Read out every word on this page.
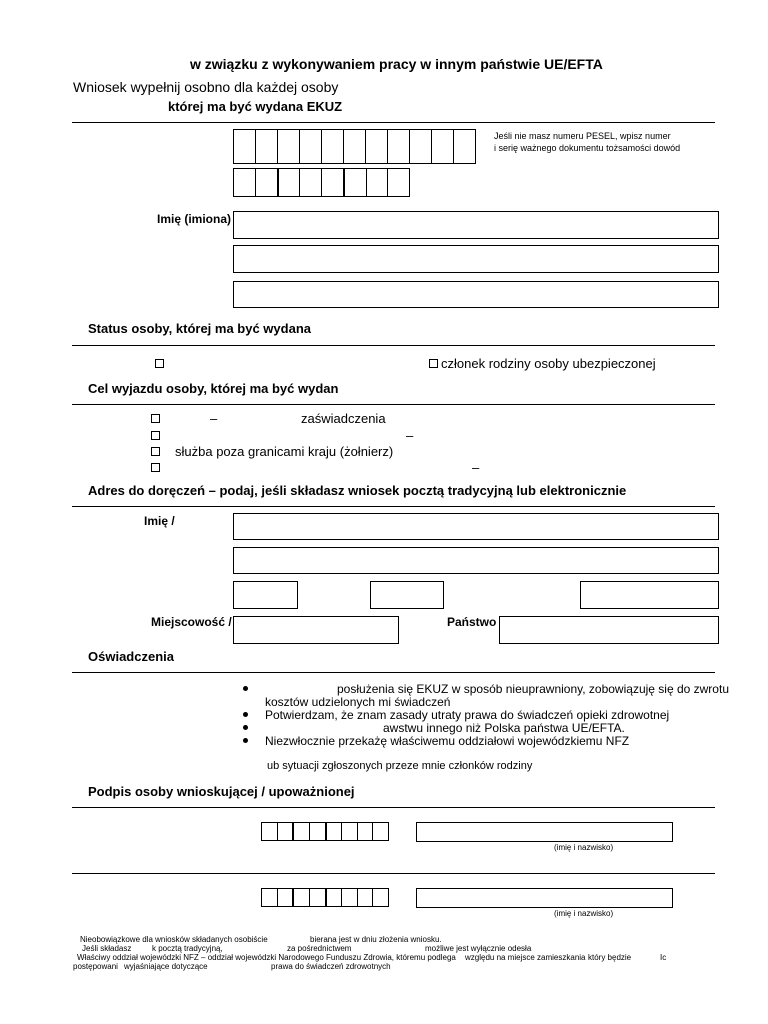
w związku z wykonywaniem pracy w innym państwie UE/EFTA
Wniosek wypełnij osobno dla każdej osoby
której ma być wydana EKUZ
Jeśli nie masz numeru PESEL, wpisz numer
i serię ważnego dokumentu tożsamości dowód
Imię (imiona)
Status osoby, której ma być wydana
członek rodziny osoby ubezpieczonej
Cel wyjazdu osoby, której ma być wydan
–	zaświadczenia
–
służba poza granicami kraju (żołnierz)
–
Adres do doręczeń – podaj, jeśli składasz wniosek pocztą tradycyjną lub elektronicznie
Imię /
Miejscowość /	Państwo
Oświadczenia
posłużenia się EKUZ w sposób nieuprawniony, zobowiązuję się do zwrotu
kosztów udzielonych mi świadczeń
Potwierdzam, że znam zasady utraty prawa do świadczeń opieki zdrowotnej
awstwu innego niż Polska państwa UE/EFTA.
Niezwłocznie przekażę właściwemu oddziałowi wojewódzkiemu NFZ
ub sytuacji zgłoszonych przeze mnie członków rodziny
Podpis osoby wnioskującej / upoważnionej
(imię i nazwisko)
(imię i nazwisko)
Nieobowiązkowe dla wniosków składanych osobiście	bierana jest w dniu złożenia wniosku.
Jeśli składasz	k pocztą tradycyjną,	za pośrednictwem	możliwe jest wyłącznie odesła
Właściwy oddział wojewódzki NFZ – oddział wojewódzki Narodowego Funduszu Zdrowia, któremu podlega względu na miejsce zamieszkania który będzie	Ic
postępowani wyjaśniające dotyczące	prawa do świadczeń zdrowotnych
